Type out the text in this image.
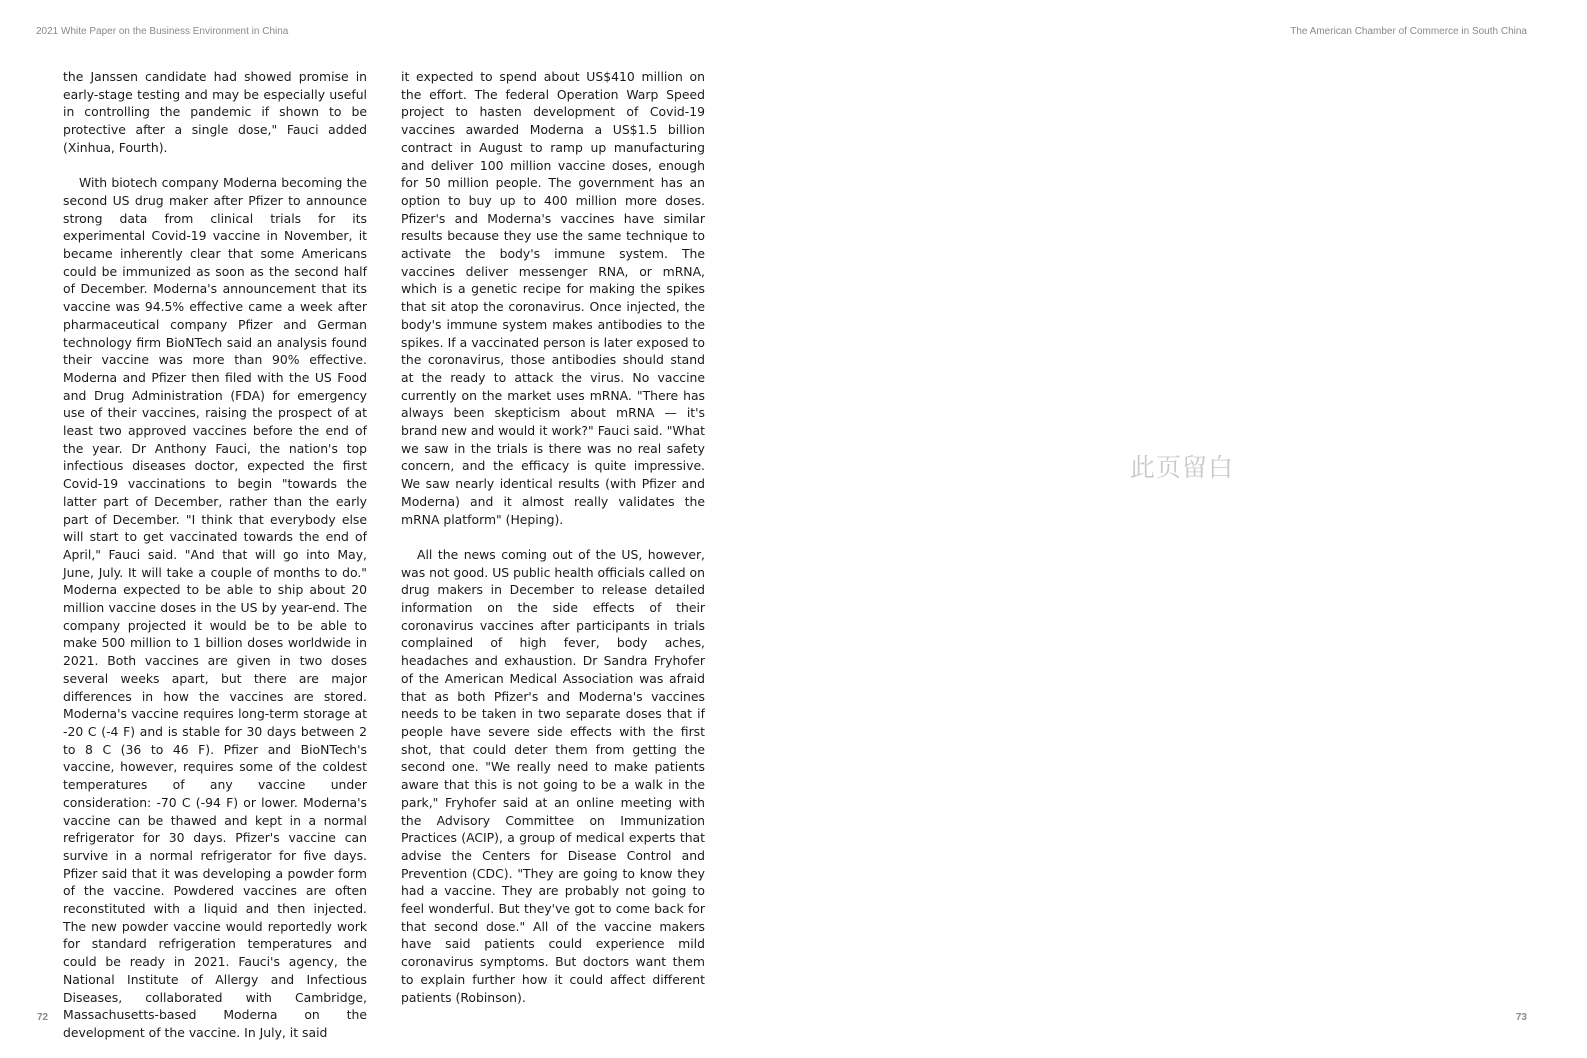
2021 White Paper on the Business Environment in China	The American Chamber of Commerce in South China

the Janssen candidate had showed promise in early-stage testing and may be especially useful in controlling the pandemic if shown to be protective after a single dose," Fauci added (Xinhua, Fourth).

With biotech company Moderna becoming the second US drug maker after Pfizer to announce strong data from clinical trials for its experimental Covid-19 vaccine in November, it became inherently clear that some Americans could be immunized as soon as the second half of December. Moderna's announcement that its vaccine was 94.5% effective came a week after pharmaceutical company Pfizer and German technology firm BioNTech said an analysis found their vaccine was more than 90% effective. Moderna and Pfizer then filed with the US Food and Drug Administration (FDA) for emergency use of their vaccines, raising the prospect of at least two approved vaccines before the end of the year. Dr Anthony Fauci, the nation's top infectious diseases doctor, expected the first Covid-19 vaccinations to begin "towards the latter part of December, rather than the early part of December. "I think that everybody else will start to get vaccinated towards the end of April," Fauci said. "And that will go into May, June, July. It will take a couple of months to do." Moderna expected to be able to ship about 20 million vaccine doses in the US by year-end. The company projected it would be to be able to make 500 million to 1 billion doses worldwide in 2021. Both vaccines are given in two doses several weeks apart, but there are major differences in how the vaccines are stored. Moderna's vaccine requires long-term storage at -20 C (-4 F) and is stable for 30 days between 2 to 8 C (36 to 46 F). Pfizer and BioNTech's vaccine, however, requires some of the coldest temperatures of any vaccine under consideration: -70 C (-94 F) or lower. Moderna's vaccine can be thawed and kept in a normal refrigerator for 30 days. Pfizer's vaccine can survive in a normal refrigerator for five days. Pfizer said that it was developing a powder form of the vaccine. Powdered vaccines are often reconstituted with a liquid and then injected. The new powder vaccine would reportedly work for standard refrigeration temperatures and could be ready in 2021. Fauci's agency, the National Institute of Allergy and Infectious Diseases, collaborated with Cambridge, Massachusetts-based Moderna on the development of the vaccine. In July, it said

it expected to spend about US$410 million on the effort. The federal Operation Warp Speed project to hasten development of Covid-19 vaccines awarded Moderna a US$1.5 billion contract in August to ramp up manufacturing and deliver 100 million vaccine doses, enough for 50 million people. The government has an option to buy up to 400 million more doses. Pfizer's and Moderna's vaccines have similar results because they use the same technique to activate the body's immune system. The vaccines deliver messenger RNA, or mRNA, which is a genetic recipe for making the spikes that sit atop the coronavirus. Once injected, the body's immune system makes antibodies to the spikes. If a vaccinated person is later exposed to the coronavirus, those antibodies should stand at the ready to attack the virus. No vaccine currently on the market uses mRNA. "There has always been skepticism about mRNA — it's brand new and would it work?" Fauci said. "What we saw in the trials is there was no real safety concern, and the efficacy is quite impressive. We saw nearly identical results (with Pfizer and Moderna) and it almost really validates the mRNA platform" (Heping).

All the news coming out of the US, however, was not good. US public health officials called on drug makers in December to release detailed information on the side effects of their coronavirus vaccines after participants in trials complained of high fever, body aches, headaches and exhaustion. Dr Sandra Fryhofer of the American Medical Association was afraid that as both Pfizer's and Moderna's vaccines needs to be taken in two separate doses that if people have severe side effects with the first shot, that could deter them from getting the second one. "We really need to make patients aware that this is not going to be a walk in the park," Fryhofer said at an online meeting with the Advisory Committee on Immunization Practices (ACIP), a group of medical experts that advise the Centers for Disease Control and Prevention (CDC). "They are going to know they had a vaccine. They are probably not going to feel wonderful. But they've got to come back for that second dose." All of the vaccine makers have said patients could experience mild coronavirus symptoms. But doctors want them to explain further how it could affect different patients (Robinson).

此页留白
72	73
